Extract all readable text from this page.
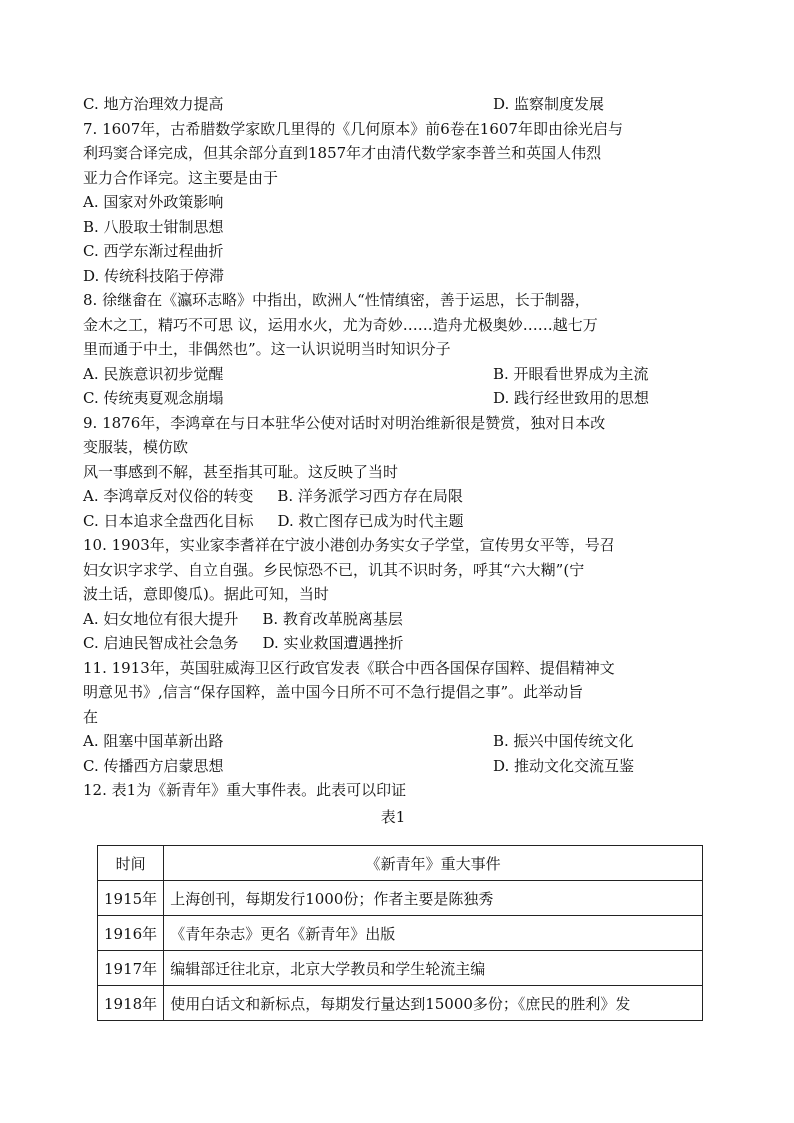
C. 地方治理效力提高	D. 监察制度发展
7. 1607年，古希腊数学家欧几里得的《几何原本》前6卷在1607年即由徐光启与
利玛窦合译完成，但其余部分直到1857年才由清代数学家李普兰和英国人伟烈
亚力合作译完。这主要是由于
A. 国家对外政策影响
B. 八股取士钳制思想
C. 西学东渐过程曲折
D. 传统科技陷于停滞
8. 徐继畲在《瀛环志略》中指出，欧洲人“性情缜密，善于运思，长于制器，
金木之工，精巧不可思 议，运用水火，尤为奇妙……造舟尤极奥妙……越七万
里而通于中土，非偶然也”。这一认识说明当时知识分子
A. 民族意识初步觉醒	B. 开眼看世界成为主流
C. 传统夷夏观念崩塌	D. 践行经世致用的思想
9. 1876年，李鸿章在与日本驻华公使对话时对明治维新很是赞赏，独对日本改
变服装，模仿欧
风一事感到不解，甚至指其可耻。这反映了当时
A. 李鸿章反对仪俗的转变 B. 洋务派学习西方存在局限
C. 日本追求全盘西化目标 D. 救亡图存已成为时代主题
10. 1903年，实业家李耆祥在宁波小港创办务实女子学堂，宣传男女平等，号召
妇女识字求学、自立自强。乡民惊恐不已，讥其不识时务，呼其“六大糊”(宁
波土话，意即傻瓜)。据此可知，当时
A. 妇女地位有很大提升 B. 教育改革脱离基层
C. 启迪民智成社会急务 D. 实业救国遭遇挫折
11. 1913年，英国驻威海卫区行政官发表《联合中西各国保存国粹、提倡精神文
明意见书》,信言“保存国粹，盖中国今日所不可不急行提倡之事”。此举动旨
在
A. 阻塞中国革新出路	B. 振兴中国传统文化
C. 传播西方启蒙思想	D. 推动文化交流互鉴
12. 表1为《新青年》重大事件表。此表可以印证
表1
时间	《新青年》重大事件
1915年	上海创刊，每期发行1000份；作者主要是陈独秀
1916年	《青年杂志》更名《新青年》出版
1917年	编辑部迁往北京，北京大学教员和学生轮流主编
1918年	使用白话文和新标点，每期发行量达到15000多份；《庶民的胜利》发
